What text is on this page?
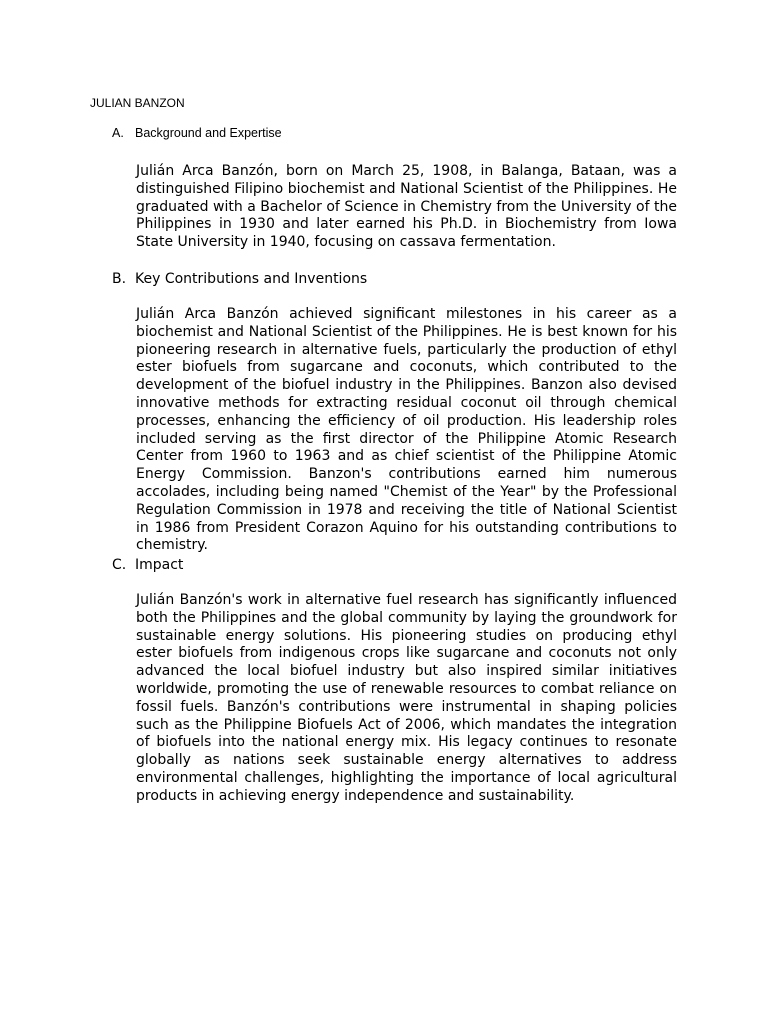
JULIAN BANZON
A. Background and Expertise

Julián Arca Banzón, born on March 25, 1908, in Balanga, Bataan, was a distinguished Filipino biochemist and National Scientist of the Philippines. He graduated with a Bachelor of Science in Chemistry from the University of the Philippines in 1930 and later earned his Ph.D. in Biochemistry from Iowa State University in 1940, focusing on cassava fermentation.

B. Key Contributions and Inventions

Julián Arca Banzón achieved significant milestones in his career as a biochemist and National Scientist of the Philippines. He is best known for his pioneering research in alternative fuels, particularly the production of ethyl ester biofuels from sugarcane and coconuts, which contributed to the development of the biofuel industry in the Philippines. Banzon also devised innovative methods for extracting residual coconut oil through chemical processes, enhancing the efficiency of oil production. His leadership roles included serving as the first director of the Philippine Atomic Research Center from 1960 to 1963 and as chief scientist of the Philippine Atomic Energy Commission. Banzon's contributions earned him numerous accolades, including being named "Chemist of the Year" by the Professional Regulation Commission in 1978 and receiving the title of National Scientist in 1986 from President Corazon Aquino for his outstanding contributions to chemistry.

C. Impact

Julián Banzón's work in alternative fuel research has significantly influenced both the Philippines and the global community by laying the groundwork for sustainable energy solutions. His pioneering studies on producing ethyl ester biofuels from indigenous crops like sugarcane and coconuts not only advanced the local biofuel industry but also inspired similar initiatives worldwide, promoting the use of renewable resources to combat reliance on fossil fuels. Banzón's contributions were instrumental in shaping policies such as the Philippine Biofuels Act of 2006, which mandates the integration of biofuels into the national energy mix. His legacy continues to resonate globally as nations seek sustainable energy alternatives to address environmental challenges, highlighting the importance of local agricultural products in achieving energy independence and sustainability.
